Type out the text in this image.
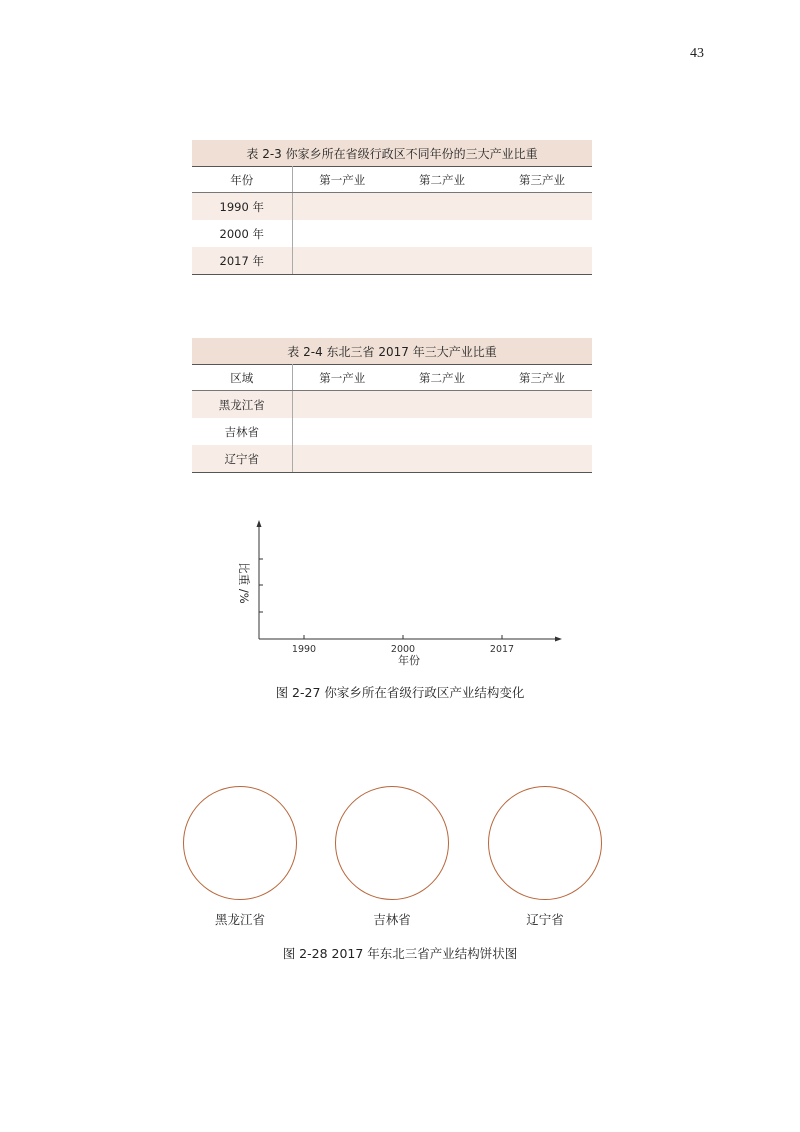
43
表 2-3 你家乡所在省级行政区不同年份的三大产业比重			
年份	第一产业	第二产业	第三产业
1990 年			
2000 年			
2017 年			
表 2-4 东北三省 2017 年三大产业比重			
区域	第一产业	第二产业	第三产业
黑龙江省			
吉林省			
辽宁省			
1990	2000	2017
比重 /%
年份
图 2-27 你家乡所在省级行政区产业结构变化
黑龙江省	吉林省	辽宁省
图 2-28 2017 年东北三省产业结构饼状图
